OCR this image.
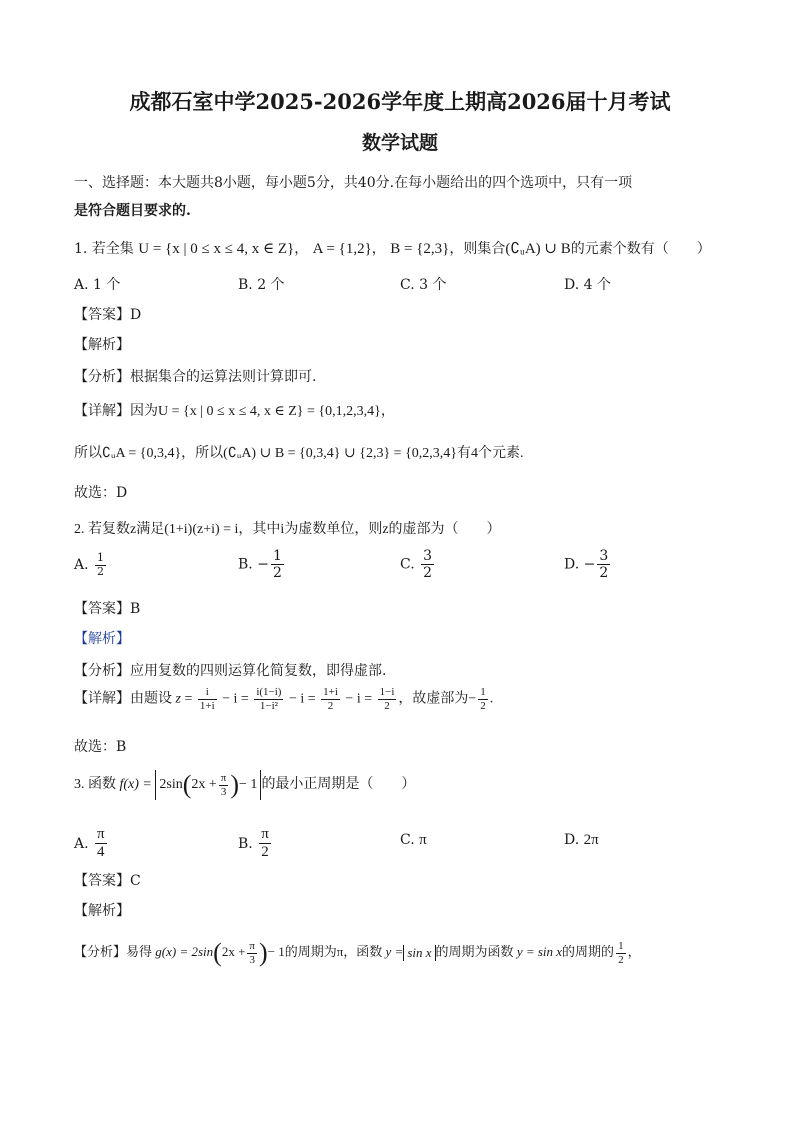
成都石室中学2025-2026学年度上期高2026届十月考试
数学试题
一、选择题：本大题共8小题，每小题5分，共40分.在每小题给出的四个选项中，只有一项
是符合题目要求的.
1. 若全集 U = {x | 0 ≤ x ≤ 4, x ∈ Z}， A = {1,2}， B = {2,3}，则集合(∁ᵤA) ∪ B的元素个数有（　　）
A. 1 个	B. 2 个	C. 3 个	D. 4 个
【答案】D
【解析】
【分析】根据集合的运算法则计算即可.
【详解】因为U = {x | 0 ≤ x ≤ 4, x ∈ Z} = {0,1,2,3,4}，
所以∁ᵤA = {0,3,4}，所以(∁ᵤA) ∪ B = {0,3,4} ∪ {2,3} = {0,2,3,4}有4个元素.
故选：D
2. 若复数z满足(1+i)(z+i) = i，其中i为虚数单位，则z的虚部为（　　）
A. $\frac{1}{2}$	B. − $\frac{1}{2}$	C. $\frac{3}{2}$	D. − $\frac{3}{2}$
【答案】B
【解析】
【分析】应用复数的四则运算化简复数，即得虚部.
【详解】由题设 $z = \frac{i}{1+i} - i = \frac{i(1-i)}{\text{1−i²}} - i = \frac{1+i}{2} - i = \frac{1-i}{2}$ ，故虚部为− $\frac{1}{2}$ .
故选：B
3. 函数 $f(x) = 2\sin(2x + \frac{\pi}{3}$ )− 1 的最小正周期是（　　）
A. $\frac{\pi}{4}$	B. $\frac{\pi}{2}$	C. π	D. 2π
【答案】C
【解析】
【分析】易得 $g(x) = 2\sin(2x + \frac{\pi}{3}$ )− 1的周期为π，函数 y = sin x 的周期为函数 y = sin x的周期的 $\frac{1}{2}$ ，
